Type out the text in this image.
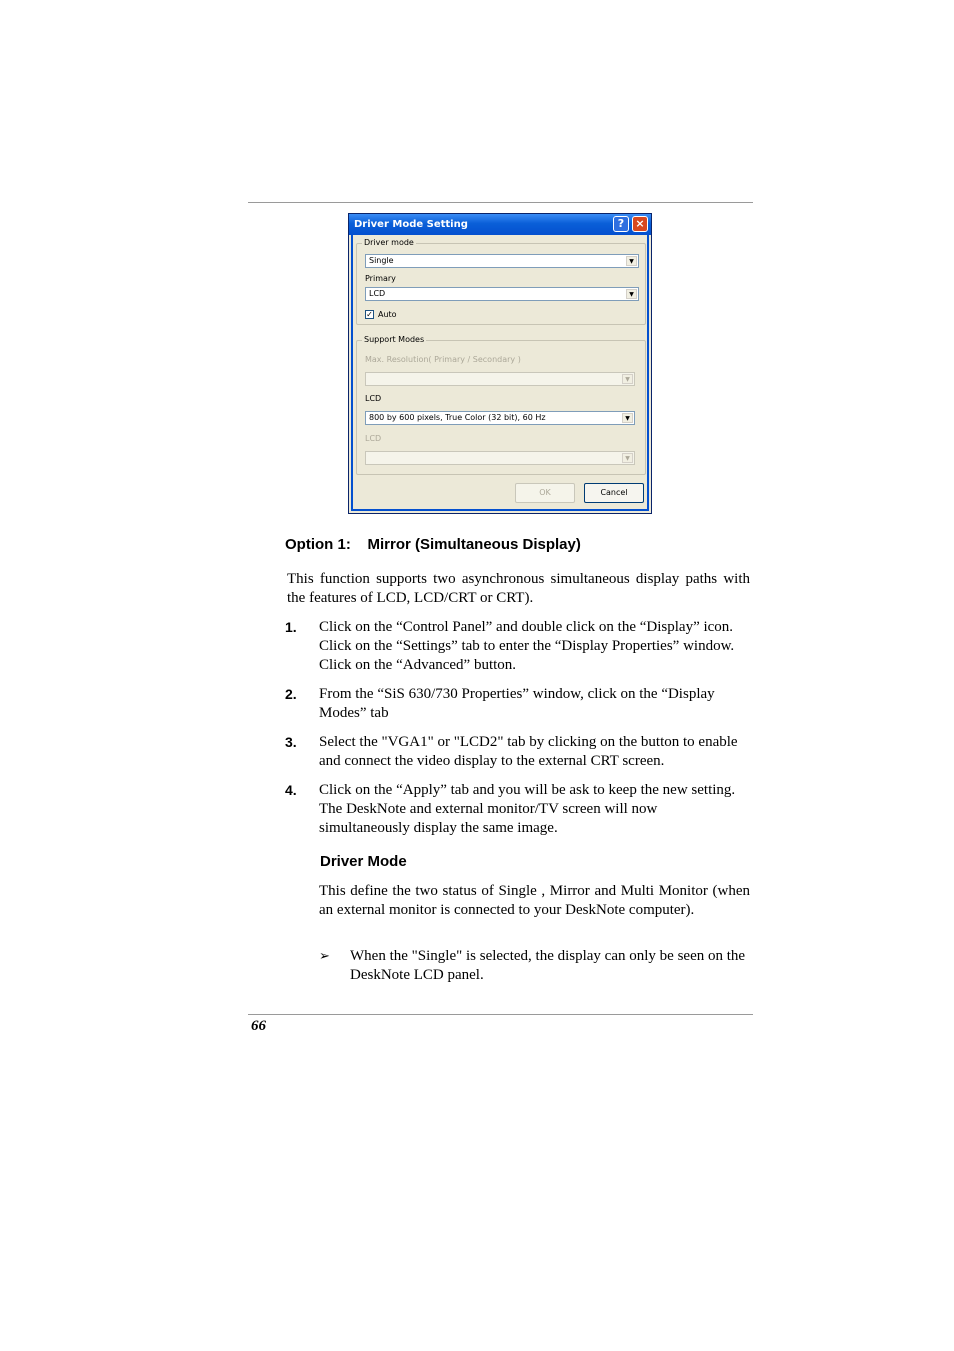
Driver Mode Setting	?	×
Driver mode
Single	▼
Primary
LCD	▼
✓ Auto
Support Modes
Max. Resolution( Primary / Secondary )
▼
LCD
800 by 600 pixels, True Color (32 bit), 60 Hz	▼
LCD
▼
OK	Cancel
Option 1:    Mirror (Simultaneous Display)
This function supports two asynchronous simultaneous display paths with the features of LCD, LCD/CRT or CRT).
1. Click on the “Control Panel” and double click on the “Display” icon. Click on the “Settings” tab to enter the “Display Properties” window. Click on the “Advanced” button.
2. From the “SiS 630/730 Properties” window, click on the “Display Modes” tab
3. Select the "VGA1" or "LCD2" tab by clicking on the button to enable and connect the video display to the external CRT screen.
4. Click on the “Apply” tab and you will be ask to keep the new setting. The DeskNote and external monitor/TV screen will now simultaneously display the same image.
Driver Mode
This define the two status of Single , Mirror and Multi Monitor (when an external monitor is connected to your DeskNote computer).
➢ When the "Single" is selected, the display can only be seen on the DeskNote LCD panel.
66
